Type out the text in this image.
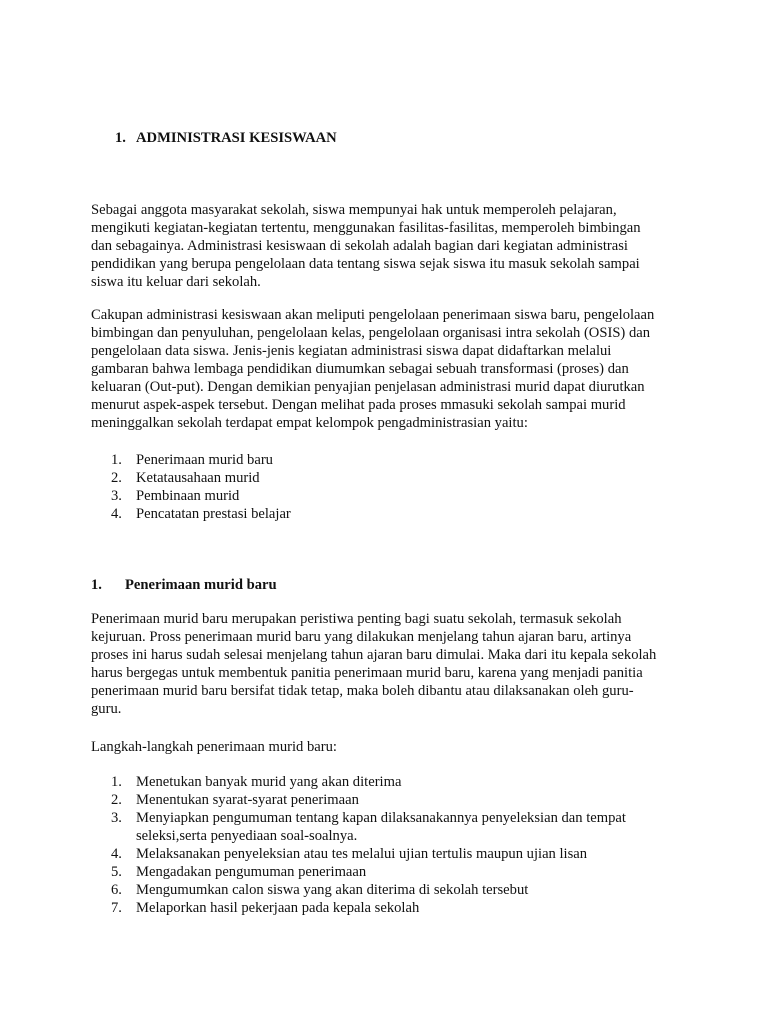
1. ADMINISTRASI KESISWAAN
Sebagai anggota masyarakat sekolah, siswa mempunyai hak untuk memperoleh pelajaran,
mengikuti kegiatan-kegiatan tertentu, menggunakan fasilitas-fasilitas, memperoleh bimbingan
dan sebagainya. Administrasi kesiswaan di sekolah adalah bagian dari kegiatan administrasi
pendidikan yang berupa pengelolaan data tentang siswa sejak siswa itu masuk sekolah sampai
siswa itu keluar dari sekolah.
Cakupan administrasi kesiswaan akan meliputi pengelolaan penerimaan siswa baru, pengelolaan
bimbingan dan penyuluhan, pengelolaan kelas, pengelolaan organisasi intra sekolah (OSIS) dan
pengelolaan data siswa. Jenis-jenis kegiatan administrasi siswa dapat didaftarkan melalui
gambaran bahwa lembaga pendidikan diumumkan sebagai sebuah transformasi (proses) dan
keluaran (Out-put). Dengan demikian penyajian penjelasan administrasi murid dapat diurutkan
menurut aspek-aspek tersebut. Dengan melihat pada proses mmasuki sekolah sampai murid
meninggalkan sekolah terdapat empat kelompok pengadministrasian yaitu:
1. Penerimaan murid baru
2. Ketatausahaan murid
3. Pembinaan murid
4. Pencatatan prestasi belajar
1. Penerimaan murid baru
Penerimaan murid baru merupakan peristiwa penting bagi suatu sekolah, termasuk sekolah
kejuruan. Pross penerimaan murid baru yang dilakukan menjelang tahun ajaran baru, artinya
proses ini harus sudah selesai menjelang tahun ajaran baru dimulai. Maka dari itu kepala sekolah
harus bergegas untuk membentuk panitia penerimaan murid baru, karena yang menjadi panitia
penerimaan murid baru bersifat tidak tetap, maka boleh dibantu atau dilaksanakan oleh guru-
guru.
Langkah-langkah penerimaan murid baru:
1. Menetukan banyak murid yang akan diterima
2. Menentukan syarat-syarat penerimaan
3. Menyiapkan pengumuman tentang kapan dilaksanakannya penyeleksian dan tempat
seleksi,serta penyediaan soal-soalnya.
4. Melaksanakan penyeleksian atau tes melalui ujian tertulis maupun ujian lisan
5. Mengadakan pengumuman penerimaan
6. Mengumumkan calon siswa yang akan diterima di sekolah tersebut
7. Melaporkan hasil pekerjaan pada kepala sekolah
